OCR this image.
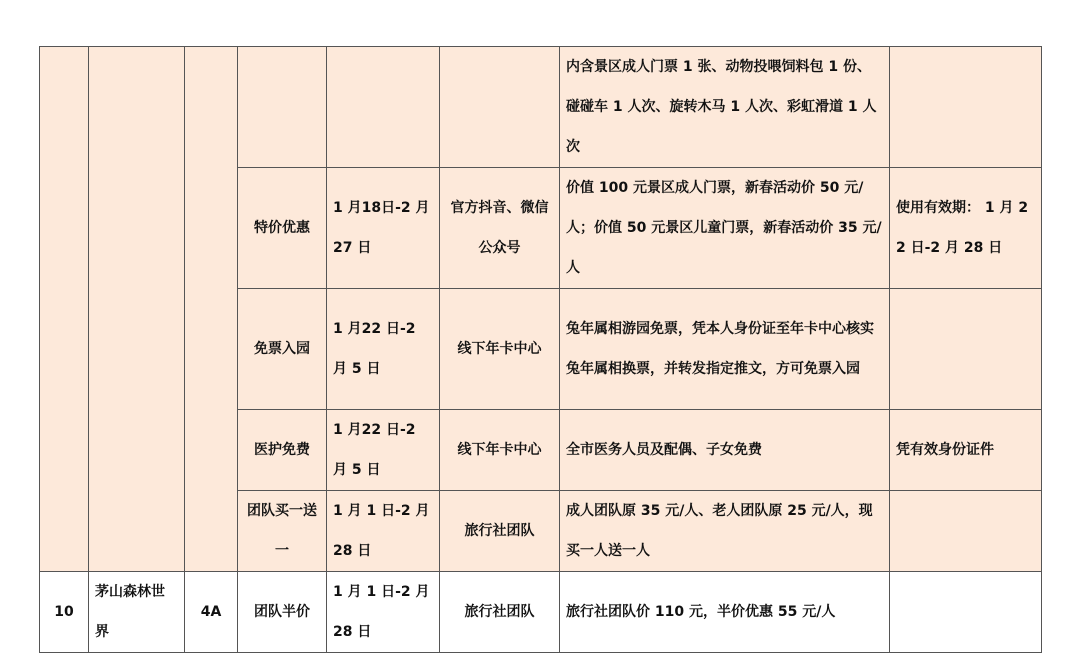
						内含景区成人门票 1 张、动物投喂饲料包 1 份、碰碰车 1 人次、旋转木马 1 人次、彩虹滑道 1 人次	
			特价优惠	1 月18日-2 月 27 日	官方抖音、微信公众号	价值 100 元景区成人门票，新春活动价 50 元/人；价值 50 元景区儿童门票，新春活动价 35 元/人	使用有效期： 1 月 22 日-2 月 28 日
			免票入园	1 月22 日-2 月 5 日	线下年卡中心	兔年属相游园免票，凭本人身份证至年卡中心核实兔年属相换票，并转发指定推文，方可免票入园	
			医护免费	1 月22 日-2 月 5 日	线下年卡中心	全市医务人员及配偶、子女免费	凭有效身份证件
			团队买一送一	1 月 1 日-2 月 28 日	旅行社团队	成人团队原 35 元/人、老人团队原 25 元/人，现买一人送一人	
10	茅山森林世界	4A	团队半价	1 月 1 日-2 月 28 日	旅行社团队	旅行社团队价 110 元，半价优惠 55 元/人	
